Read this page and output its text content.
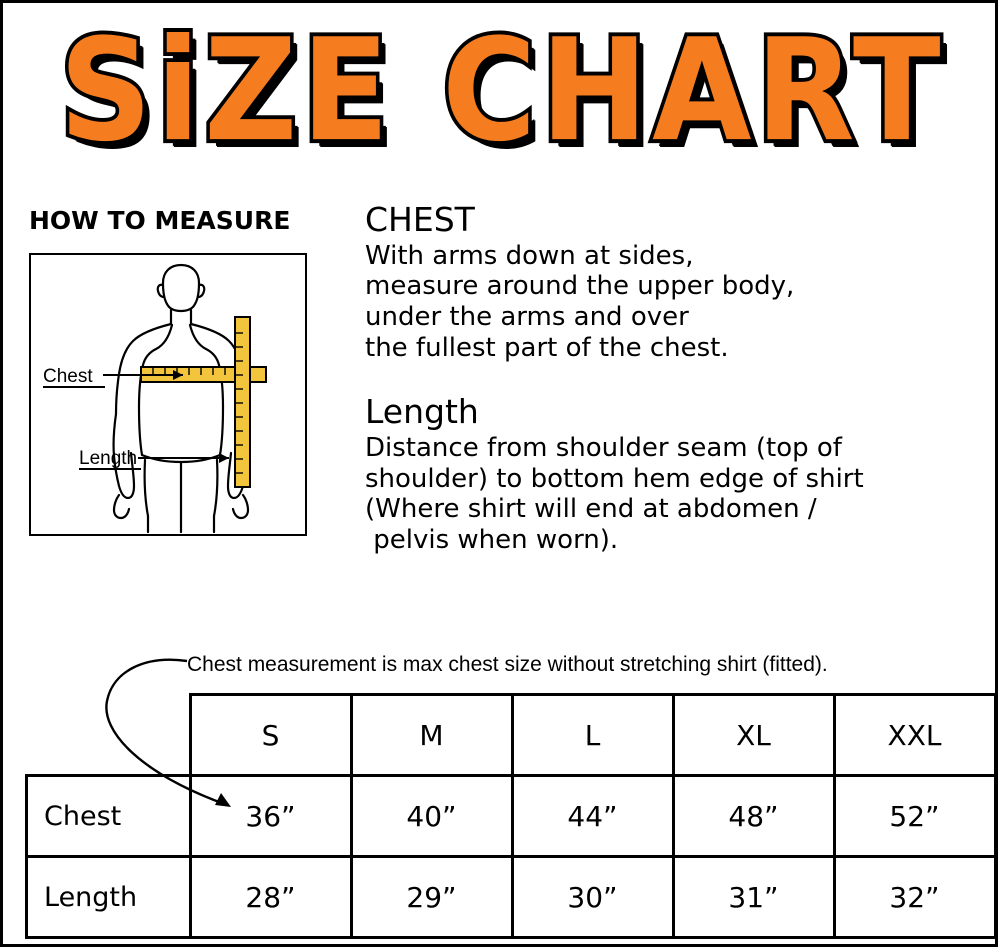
SiZE CHART
HOW TO MEASURE
Chest
Length

CHEST

With arms down at sides,
measure around the upper body,
under the arms and over
the fullest part of the chest.

Length

Distance from shoulder seam (top of
shoulder) to bottom hem edge of shirt
(Where shirt will end at abdomen /
pelvis when worn).
Chest measurement is max chest size without stretching shirt (fitted).
	S	M	L	XL	XXL
Chest	36”	40”	44”	48”	52”
Length	28”	29”	30”	31”	32”
